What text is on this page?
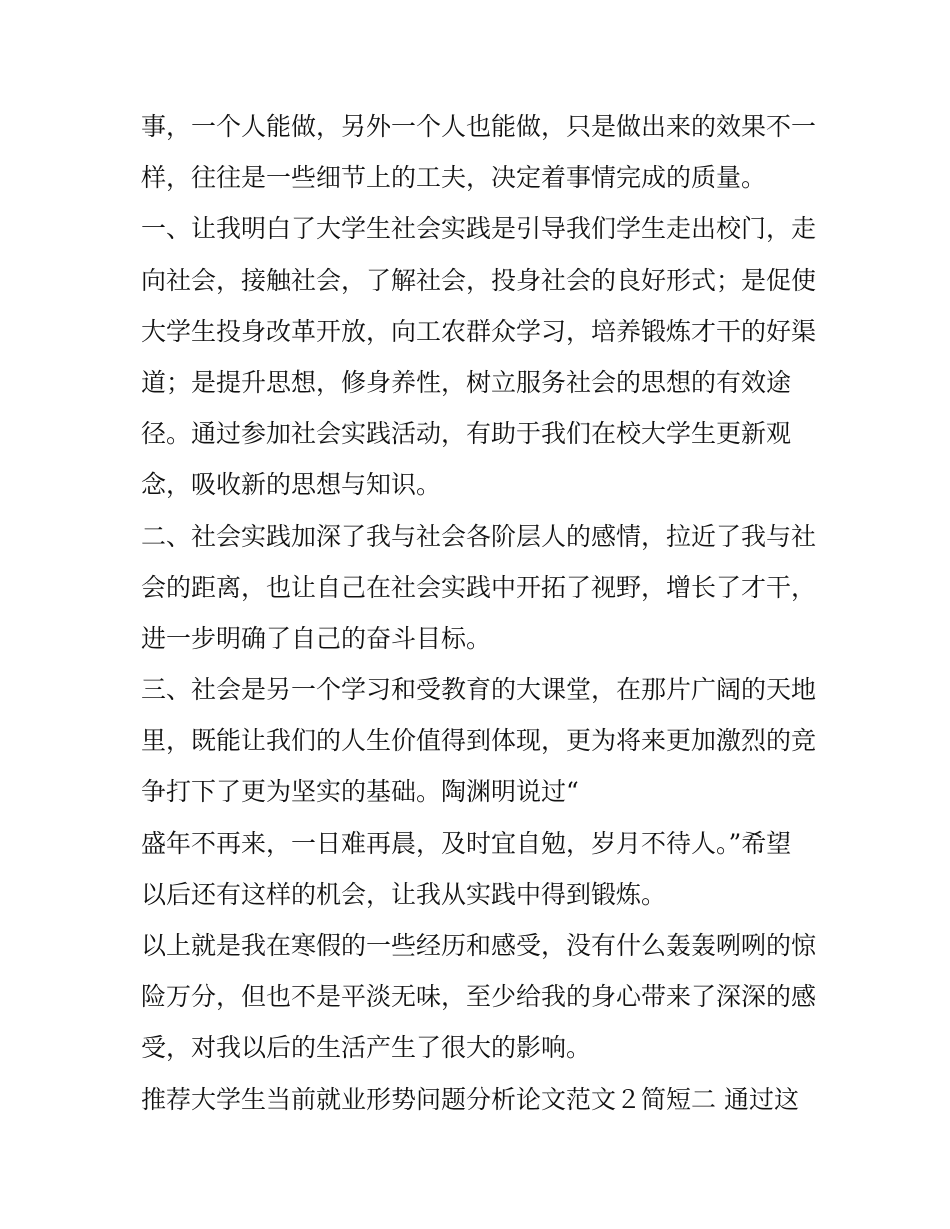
事，一个人能做，另外一个人也能做，只是做出来的效果不一
样，往往是一些细节上的工夫，决定着事情完成的质量。
一、让我明白了大学生社会实践是引导我们学生走出校门，走
向社会，接触社会，了解社会，投身社会的良好形式；是促使
大学生投身改革开放，向工农群众学习，培养锻炼才干的好渠
道；是提升思想，修身养性，树立服务社会的思想的有效途
径。通过参加社会实践活动，有助于我们在校大学生更新观
念，吸收新的思想与知识。
二、社会实践加深了我与社会各阶层人的感情，拉近了我与社
会的距离，也让自己在社会实践中开拓了视野，增长了才干，
进一步明确了自己的奋斗目标。
三、社会是另一个学习和受教育的大课堂，在那片广阔的天地
里，既能让我们的人生价值得到体现，更为将来更加激烈的竞
争打下了更为坚实的基础。陶渊明说过“
盛年不再来，一日难再晨，及时宜自勉，岁月不待人。”希望
以后还有这样的机会，让我从实践中得到锻炼。
以上就是我在寒假的一些经历和感受，没有什么轰轰咧咧的惊
险万分，但也不是平淡无味，至少给我的身心带来了深深的感
受，对我以后的生活产生了很大的影响。
推荐大学生当前就业形势问题分析论文范文２简短二 通过这
